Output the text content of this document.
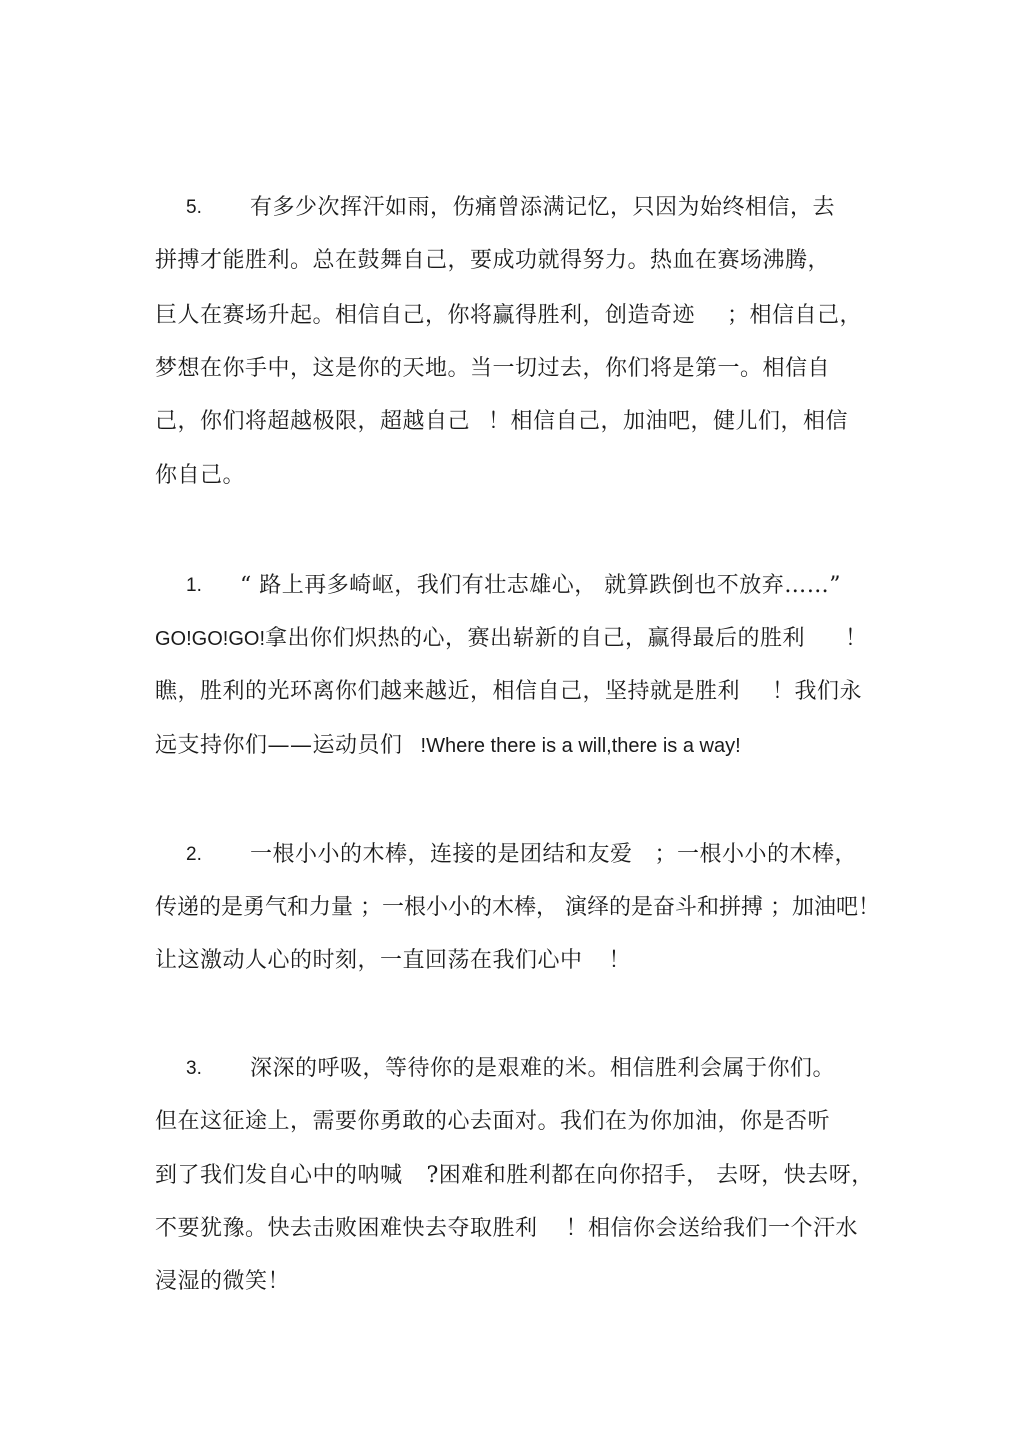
5. 有多少次挥汗如雨，伤痛曾添满记忆，只因为始终相信，去
拼搏才能胜利。总在鼓舞自己，要成功就得努力。热血在赛场沸腾，
巨人在赛场升起。相信自己，你将赢得胜利，创造奇迹 ；相信自己，
梦想在你手中，这是你的天地。当一切过去，你们将是第一。相信自
己，你们将超越极限，超越自己 ！相信自己，加油吧，健儿们，相信
你自己。
1. “ 路上再多崎岖，我们有壮志雄心， 就算跌倒也不放弃……”
GO!GO!GO!拿出你们炽热的心，赛出崭新的自己，赢得最后的胜利 ！
瞧，胜利的光环离你们越来越近，相信自己，坚持就是胜利 ！我们永
远支持你们——运动员们 !Where there is a will,there is a way!
2. 一根小小的木棒，连接的是团结和友爱 ；一根小小的木棒，
传递的是勇气和力量 ；一根小小的木棒， 演绎的是奋斗和拼搏 ；加油吧！
让这激动人心的时刻，一直回荡在我们心中 ！
3. 深深的呼吸，等待你的是艰难的米。相信胜利会属于你们。
但在这征途上，需要你勇敢的心去面对。我们在为你加油，你是否听
到了我们发自心中的呐喊 ?困难和胜利都在向你招手， 去呀，快去呀，
不要犹豫。快去击败困难快去夺取胜利 ！相信你会送给我们一个汗水
浸湿的微笑！
